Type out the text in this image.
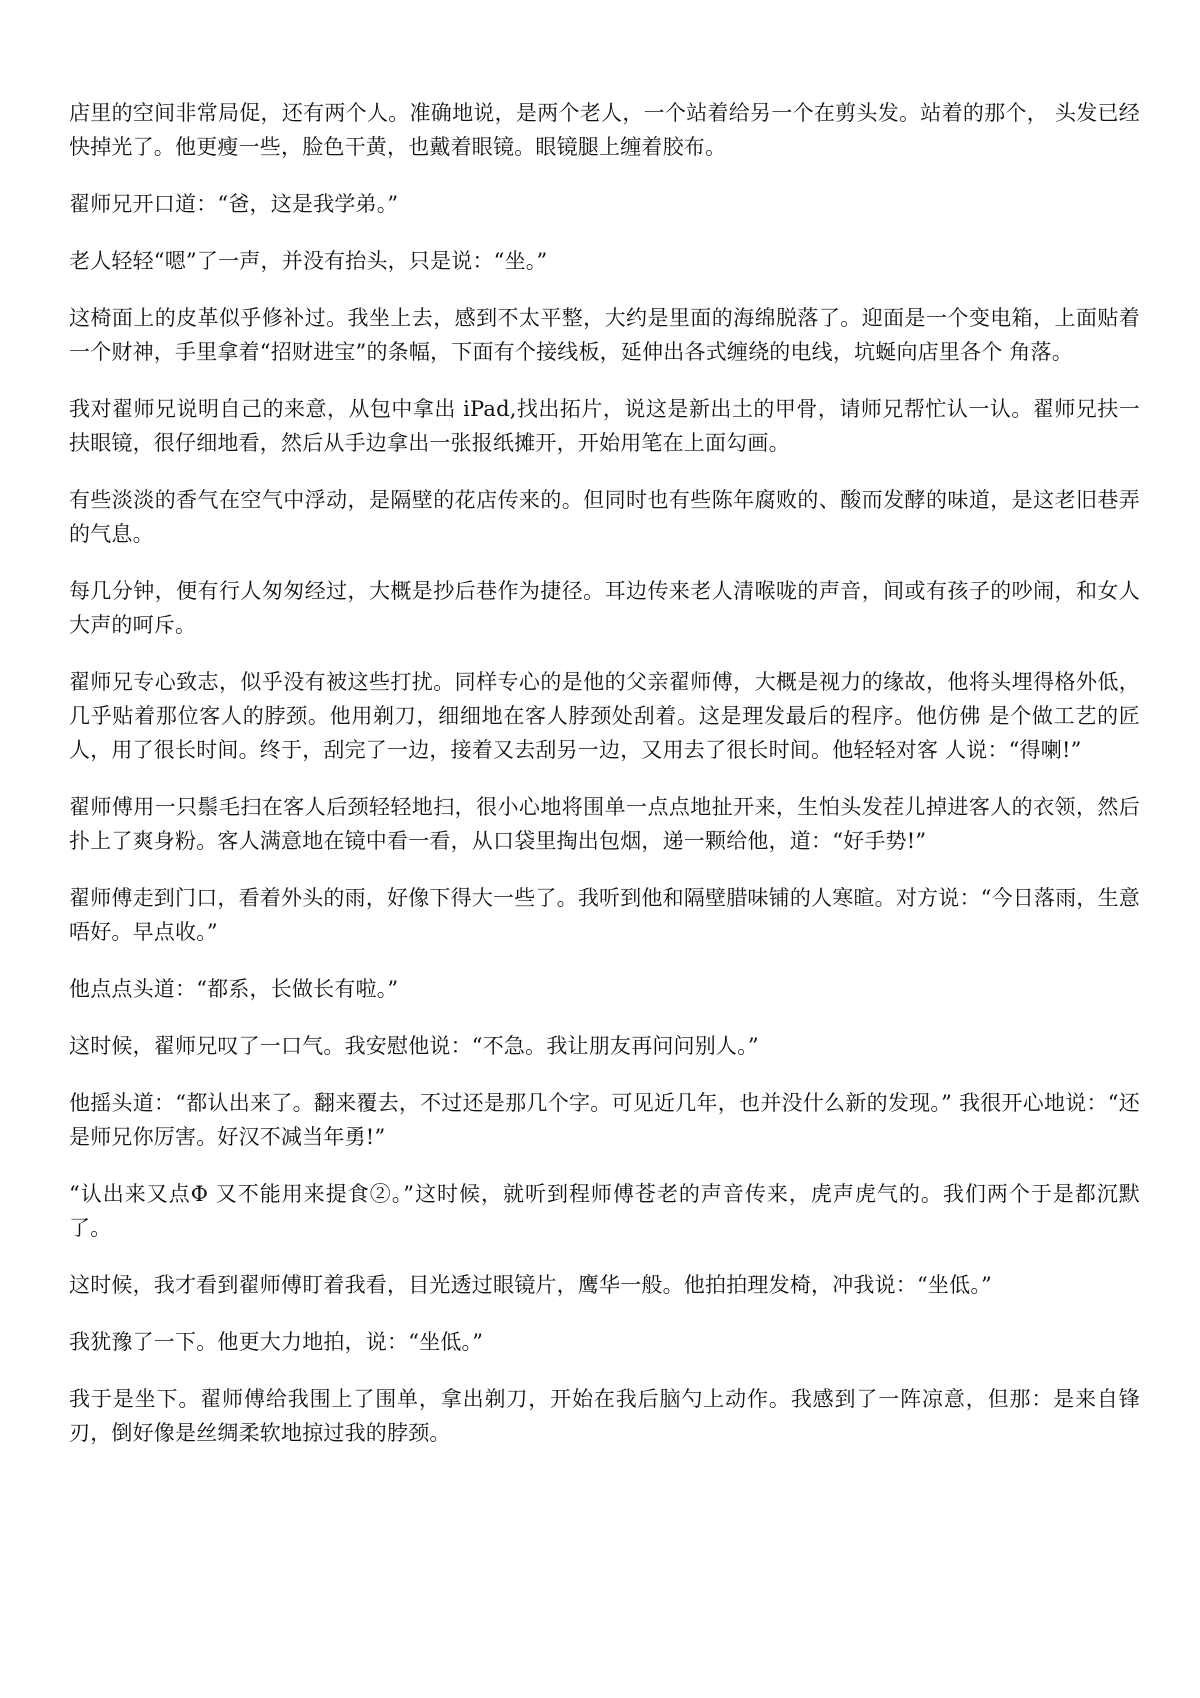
店里的空间非常局促，还有两个人。准确地说，是两个老人，一个站着给另一个在剪头发。站着的那个， 头发已经快掉光了。他更瘦一些，脸色干黄，也戴着眼镜。眼镜腿上缠着胶布。

翟师兄开口道：“爸，这是我学弟。”

老人轻轻“嗯”了一声，并没有抬头，只是说：“坐。”

这椅面上的皮革似乎修补过。我坐上去，感到不太平整，大约是里面的海绵脱落了。迎面是一个变电箱，上面贴着一个财神，手里拿着“招财进宝”的条幅，下面有个接线板，延伸出各式缠绕的电线，坑蜒向店里各个 角落。

我对翟师兄说明自己的来意，从包中拿出 iPad,找出拓片，说这是新出土的甲骨，请师兄帮忙认一认。翟师兄扶一扶眼镜，很仔细地看，然后从手边拿出一张报纸摊开，开始用笔在上面勾画。

有些淡淡的香气在空气中浮动，是隔壁的花店传来的。但同时也有些陈年腐败的、酸而发酵的味道，是这老旧巷弄的气息。

每几分钟，便有行人匆匆经过，大概是抄后巷作为捷径。耳边传来老人清喉咙的声音，间或有孩子的吵闹，和女人大声的呵斥。

翟师兄专心致志，似乎没有被这些打扰。同样专心的是他的父亲翟师傅，大概是视力的缘故，他将头埋得格外低，几乎贴着那位客人的脖颈。他用剃刀，细细地在客人脖颈处刮着。这是理发最后的程序。他仿佛 是个做工艺的匠人，用了很长时间。终于，刮完了一边，接着又去刮另一边，又用去了很长时间。他轻轻对客 人说：“得喇!”

翟师傅用一只鬃毛扫在客人后颈轻轻地扫，很小心地将围单一点点地扯开来，生怕头发茬儿掉进客人的衣领，然后扑上了爽身粉。客人满意地在镜中看一看，从口袋里掏出包烟，递一颗给他，道：“好手势!”

翟师傅走到门口，看着外头的雨，好像下得大一些了。我听到他和隔壁腊味铺的人寒暄。对方说：“今日落雨，生意唔好。早点收。”

他点点头道：“都系，长做长有啦。”

这时候，翟师兄叹了一口气。我安慰他说：“不急。我让朋友再问问别人。”

他摇头道：“都认出来了。翻来覆去，不过还是那几个字。可见近几年，也并没什么新的发现。” 我很开心地说：“还是师兄你厉害。好汉不减当年勇!”

“认出来又点Φ 又不能用来提食②。”这时候，就听到程师傅苍老的声音传来，虎声虎气的。我们两个于是都沉默了。

这时候，我才看到翟师傅盯着我看，目光透过眼镜片，鹰华一般。他拍拍理发椅，冲我说：“坐低。”

我犹豫了一下。他更大力地拍，说：“坐低。”

我于是坐下。翟师傅给我围上了围单，拿出剃刀，开始在我后脑勺上动作。我感到了一阵凉意，但那：是来自锋刃，倒好像是丝绸柔软地掠过我的脖颈。
